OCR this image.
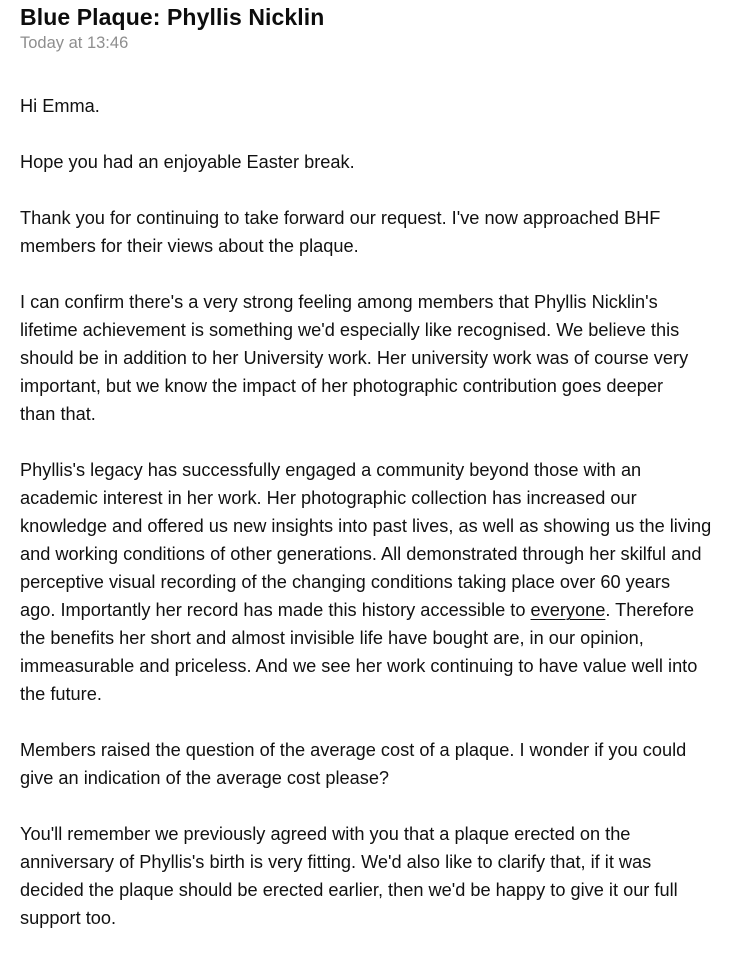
Blue Plaque: Phyllis Nicklin
Today at 13:46

Hi Emma.

Hope you had an enjoyable Easter break.

Thank you for continuing to take forward our request. I've now approached BHF
members for their views about the plaque.

I can confirm there's a very strong feeling among members that Phyllis Nicklin's
lifetime achievement is something we'd especially like recognised. We believe this
should be in addition to her University work. Her university work was of course very
important, but we know the impact of her photographic contribution goes deeper
than that.

Phyllis's legacy has successfully engaged a community beyond those with an
academic interest in her work. Her photographic collection has increased our
knowledge and offered us new insights into past lives, as well as showing us the living
and working conditions of other generations. All demonstrated through her skilful and
perceptive visual recording of the changing conditions taking place over 60 years
ago. Importantly her record has made this history accessible to everyone. Therefore
the benefits her short and almost invisible life have bought are, in our opinion,
immeasurable and priceless. And we see her work continuing to have value well into
the future.

Members raised the question of the average cost of a plaque. I wonder if you could
give an indication of the average cost please?

You'll remember we previously agreed with you that a plaque erected on the
anniversary of Phyllis's birth is very fitting. We'd also like to clarify that, if it was
decided the plaque should be erected earlier, then we'd be happy to give it our full
support too.
